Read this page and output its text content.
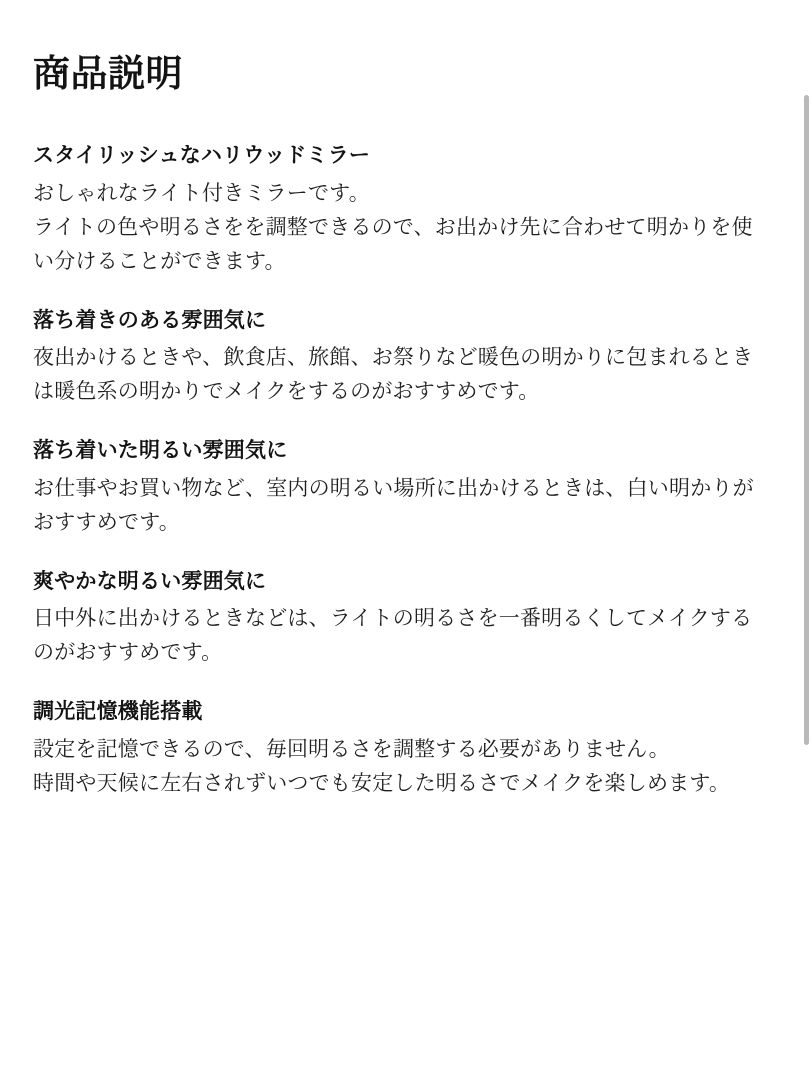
商品説明
スタイリッシュなハリウッドミラー
おしゃれなライト付きミラーです。
ライトの色や明るさをを調整できるので、お出かけ先に合わせて明かりを使い分けることができます。
落ち着きのある雰囲気に
夜出かけるときや、飲食店、旅館、お祭りなど暖色の明かりに包まれるときは暖色系の明かりでメイクをするのがおすすめです。
落ち着いた明るい雰囲気に
お仕事やお買い物など、室内の明るい場所に出かけるときは、白い明かりがおすすめです。
爽やかな明るい雰囲気に
日中外に出かけるときなどは、ライトの明るさを一番明るくしてメイクするのがおすすめです。
調光記憶機能搭載
設定を記憶できるので、毎回明るさを調整する必要がありません。
時間や天候に左右されずいつでも安定した明るさでメイクを楽しめます。
